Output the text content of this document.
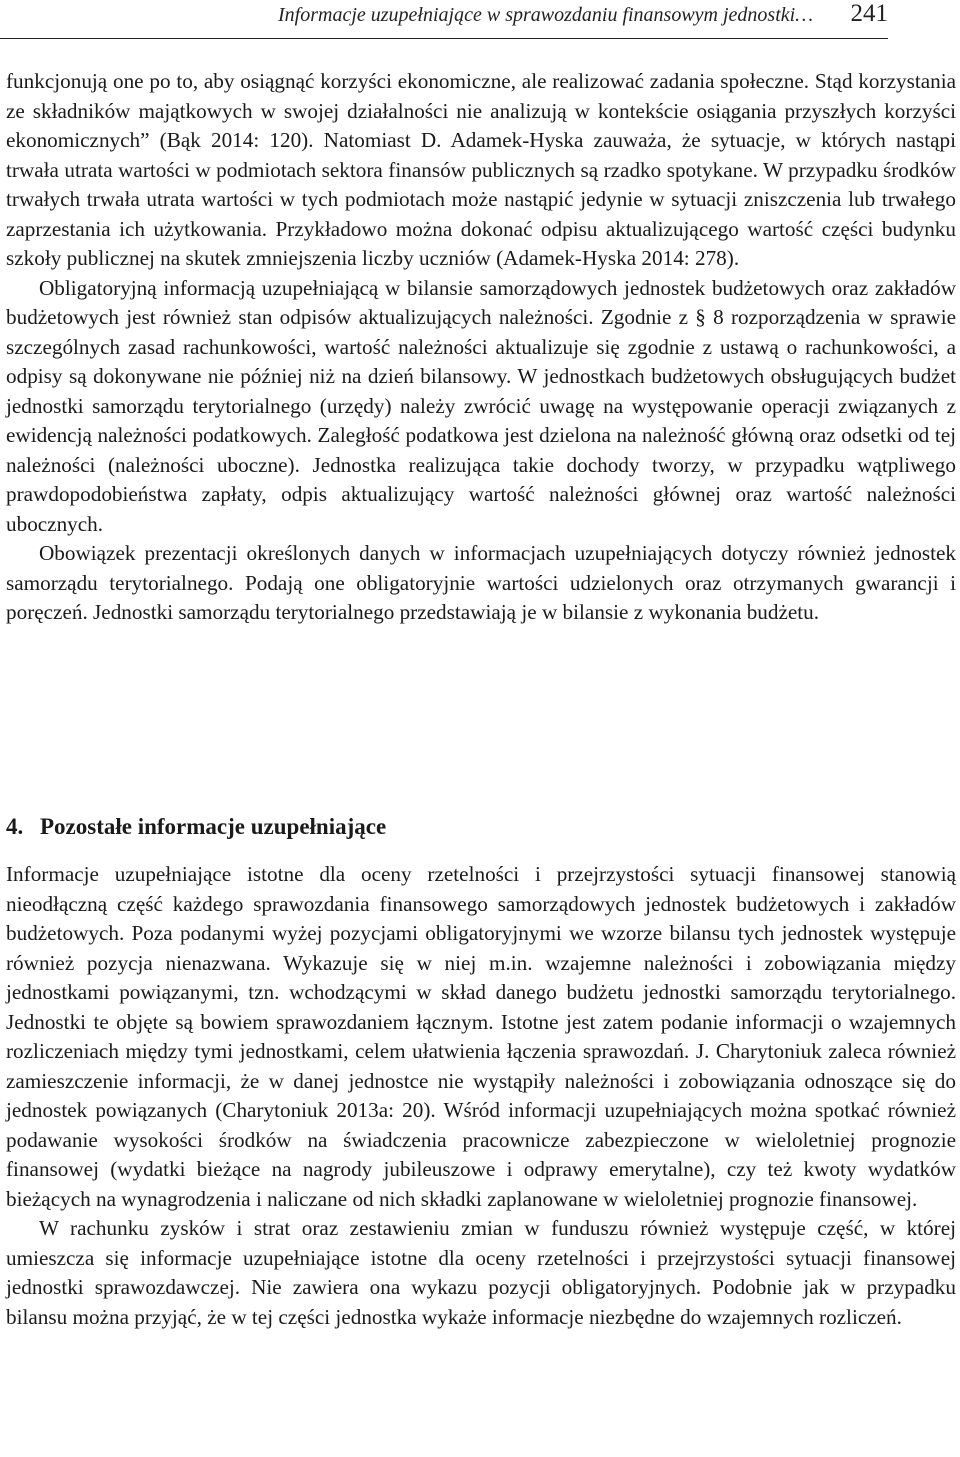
Informacje uzupełniające w sprawozdaniu finansowym jednostki… 241

funkcjonują one po to, aby osiągnąć korzyści ekonomiczne, ale realizować zadania społeczne. Stąd korzystania ze składników majątkowych w swojej działalności nie analizują w kontekście osiągania przyszłych korzyści ekonomicznych” (Bąk 2014: 120). Natomiast D. Adamek-Hyska zauważa, że sytuacje, w których nastąpi trwała utrata wartości w podmiotach sektora finansów publicznych są rzadko spotykane. W przypadku środków trwałych trwała utrata wartości w tych podmiotach może nastąpić jedynie w sytuacji zniszczenia lub trwałego zaprzestania ich użytkowania. Przykładowo można dokonać odpisu aktualizującego wartość części budynku szkoły publicznej na skutek zmniejszenia liczby uczniów (Adamek-Hyska 2014: 278).

Obligatoryjną informacją uzupełniającą w bilansie samorządowych jednostek budżetowych oraz zakładów budżetowych jest również stan odpisów aktualizujących należności. Zgodnie z § 8 rozporządzenia w sprawie szczególnych zasad rachunkowości, wartość należności aktualizuje się zgodnie z ustawą o rachunkowości, a odpisy są dokonywane nie później niż na dzień bilansowy. W jednostkach budżetowych obsługujących budżet jednostki samorządu terytorialnego (urzędy) należy zwrócić uwagę na występowanie operacji związanych z ewidencją należności podatkowych. Zaległość podatkowa jest dzielona na należność główną oraz odsetki od tej należności (należności uboczne). Jednostka realizująca takie dochody tworzy, w przypadku wątpliwego prawdopodobieństwa zapłaty, odpis aktualizujący wartość należności głównej oraz wartość należności ubocznych.

Obowiązek prezentacji określonych danych w informacjach uzupełniających dotyczy również jednostek samorządu terytorialnego. Podają one obligatoryjnie wartości udzielonych oraz otrzymanych gwarancji i poręczeń. Jednostki samorządu terytorialnego przedstawiają je w bilansie z wykonania budżetu.

4. Pozostałe informacje uzupełniające

Informacje uzupełniające istotne dla oceny rzetelności i przejrzystości sytuacji finansowej stanowią nieodłączną część każdego sprawozdania finansowego samorządowych jednostek budżetowych i zakładów budżetowych. Poza podanymi wyżej pozycjami obligatoryjnymi we wzorze bilansu tych jednostek występuje również pozycja nienazwana. Wykazuje się w niej m.in. wzajemne należności i zobowiązania między jednostkami powiązanymi, tzn. wchodzącymi w skład danego budżetu jednostki samorządu terytorialnego. Jednostki te objęte są bowiem sprawozdaniem łącznym. Istotne jest zatem podanie informacji o wzajemnych rozliczeniach między tymi jednostkami, celem ułatwienia łączenia sprawozdań. J. Charytoniuk zaleca również zamieszczenie informacji, że w danej jednostce nie wystąpiły należności i zobowiązania odnoszące się do jednostek powiązanych (Charytoniuk 2013a: 20). Wśród informacji uzupełniających można spotkać również podawanie wysokości środków na świadczenia pracownicze zabezpieczone w wieloletniej prognozie finansowej (wydatki bieżące na nagrody jubileuszowe i odprawy emerytalne), czy też kwoty wydatków bieżących na wynagrodzenia i naliczane od nich składki zaplanowane w wieloletniej prognozie finansowej.

W rachunku zysków i strat oraz zestawieniu zmian w funduszu również występuje część, w której umieszcza się informacje uzupełniające istotne dla oceny rzetelności i przejrzystości sytuacji finansowej jednostki sprawozdawczej. Nie zawiera ona wykazu pozycji obligatoryjnych. Podobnie jak w przypadku bilansu można przyjąć, że w tej części jednostka wykaże informacje niezbędne do wzajemnych rozliczeń.
